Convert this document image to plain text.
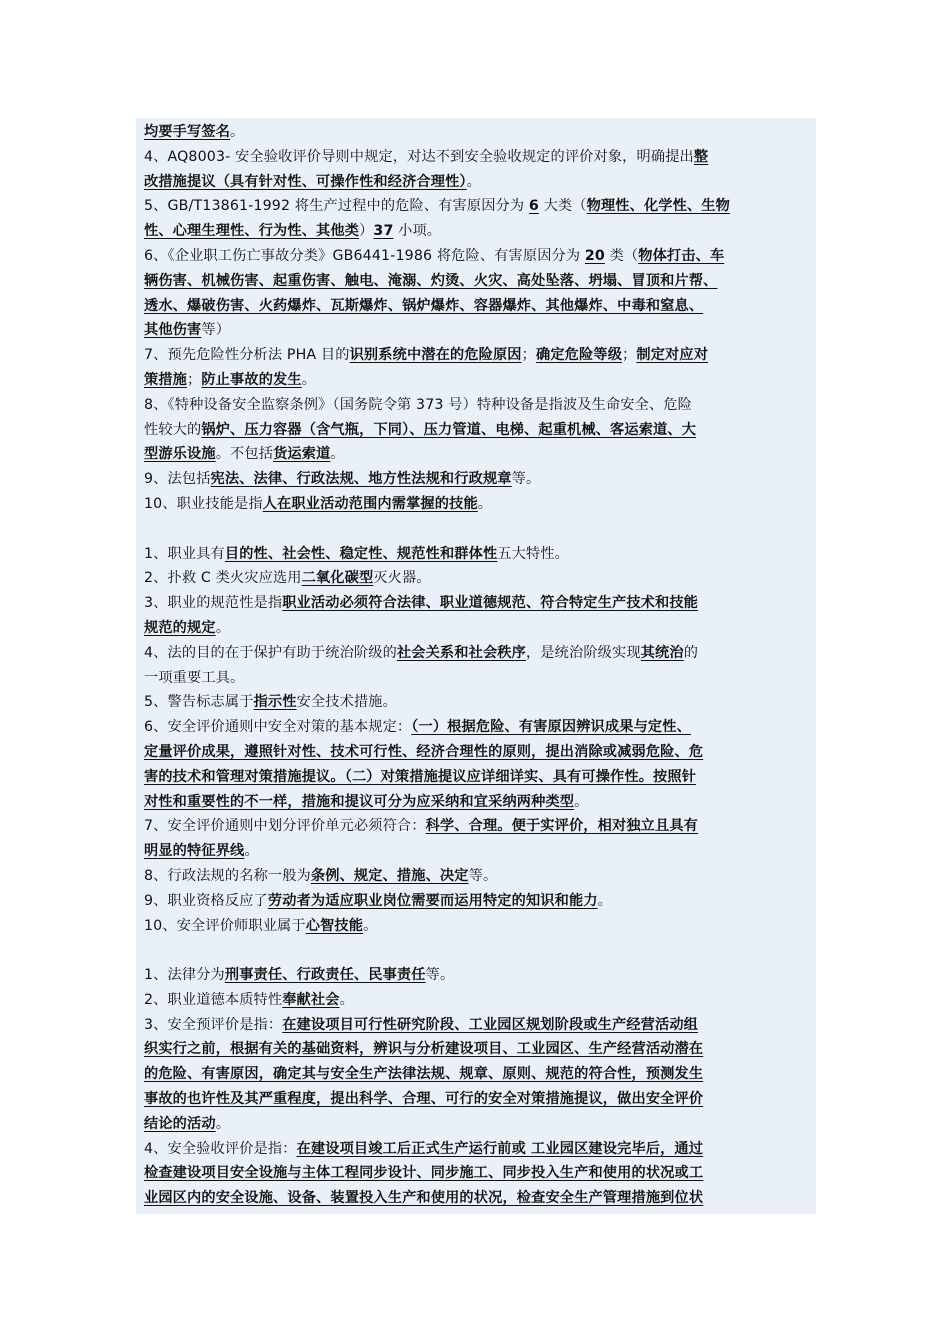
均要手写签名。
4、AQ8003- 安全验收评价导则中规定，对达不到安全验收规定的评价对象，明确提出整
改措施提议（具有针对性、可操作性和经济合理性）。
5、GB/T13861-1992 将生产过程中的危险、有害原因分为 6 大类（物理性、化学性、生物
性、心理生理性、行为性、其他类）37 小项。
6、《企业职工伤亡事故分类》GB6441-1986 将危险、有害原因分为 20 类（物体打击、车
辆伤害、机械伤害、起重伤害、触电、淹溺、灼烫、火灾、高处坠落、坍塌、冒顶和片帮、
透水、爆破伤害、火药爆炸、瓦斯爆炸、锅炉爆炸、容器爆炸、其他爆炸、中毒和窒息、
其他伤害等）
7、预先危险性分析法 PHA 目的识别系统中潜在的危险原因；确定危险等级；制定对应对
策措施；防止事故的发生。
8、《特种设备安全监察条例》（国务院令第 373 号）特种设备是指波及生命安全、危险
性较大的锅炉、压力容器（含气瓶，下同）、压力管道、电梯、起重机械、客运索道、大
型游乐设施。不包括货运索道。
9、法包括宪法、法律、行政法规、地方性法规和行政规章等。
10、职业技能是指人在职业活动范围内需掌握的技能。
1、职业具有目的性、社会性、稳定性、规范性和群体性五大特性。
2、扑救 C 类火灾应选用二氧化碳型灭火器。
3、职业的规范性是指职业活动必须符合法律、职业道德规范、符合特定生产技术和技能
规范的规定。
4、法的目的在于保护有助于统治阶级的社会关系和社会秩序，是统治阶级实现其统治的
一项重要工具。
5、警告标志属于指示性安全技术措施。
6、安全评价通则中安全对策的基本规定：（一）根据危险、有害原因辨识成果与定性、
定量评价成果，遵照针对性、技术可行性、经济合理性的原则，提出消除或减弱危险、危
害的技术和管理对策措施提议。（二）对策措施提议应详细详实、具有可操作性。按照针
对性和重要性的不一样，措施和提议可分为应采纳和宜采纳两种类型。
7、安全评价通则中划分评价单元必须符合：科学、合理。便于实评价，相对独立且具有
明显的特征界线。
8、行政法规的名称一般为条例、规定、措施、决定等。
9、职业资格反应了劳动者为适应职业岗位需要而运用特定的知识和能力。
10、安全评价师职业属于心智技能。
1、法律分为刑事责任、行政责任、民事责任等。
2、职业道德本质特性奉献社会。
3、安全预评价是指：在建设项目可行性研究阶段、工业园区规划阶段或生产经营活动组
织实行之前，根据有关的基础资料，辨识与分析建设项目、工业园区、生产经营活动潜在
的危险、有害原因，确定其与安全生产法律法规、规章、原则、规范的符合性，预测发生
事故的也许性及其严重程度，提出科学、合理、可行的安全对策措施提议，做出安全评价
结论的活动。
4、安全验收评价是指：在建设项目竣工后正式生产运行前或 工业园区建设完毕后，通过
检查建设项目安全设施与主体工程同步设计、同步施工、同步投入生产和使用的状况或工
业园区内的安全设施、设备、装置投入生产和使用的状况，检查安全生产管理措施到位状
